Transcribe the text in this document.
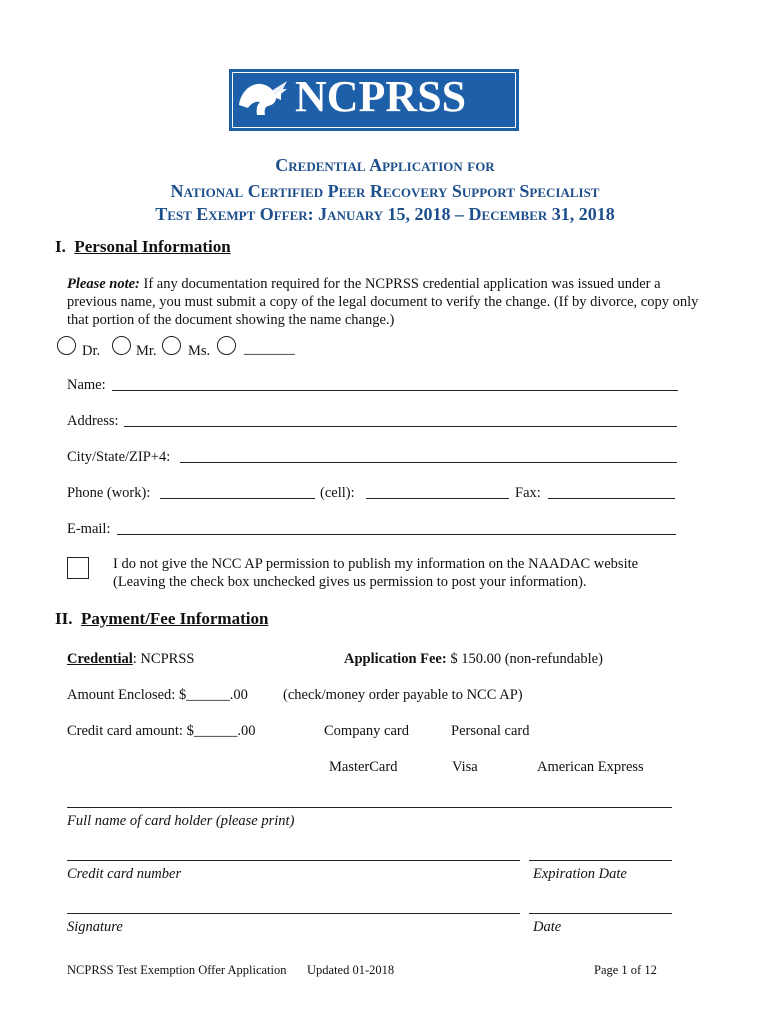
NCPRSS
Credential Application for
National Certified Peer Recovery Support Specialist
Test Exempt Offer: January 15, 2018 – December 31, 2018
I. Personal Information
Please note: If any documentation required for the NCPRSS credential application was issued under a previous name, you must submit a copy of the legal document to verify the change. (If by divorce, copy only that portion of the document showing the name change.)
Dr. Mr. Ms. _______
Name:
Address:
City/State/ZIP+4:
Phone (work):	(cell):	Fax:
E-mail:
I do not give the NCC AP permission to publish my information on the NAADAC website
(Leaving the check box unchecked gives us permission to post your information).
II. Payment/Fee Information
Credential: NCPRSS	Application Fee: $ 150.00 (non-refundable)
Amount Enclosed: $______.00 (check/money order payable to NCC AP)
Credit card amount: $______.00	Company card	Personal card
MasterCard	Visa	American Express
Full name of card holder (please print)
Credit card number	Expiration Date
Signature	Date
NCPRSS Test Exemption Offer Application Updated 01-2018	Page 1 of 12
